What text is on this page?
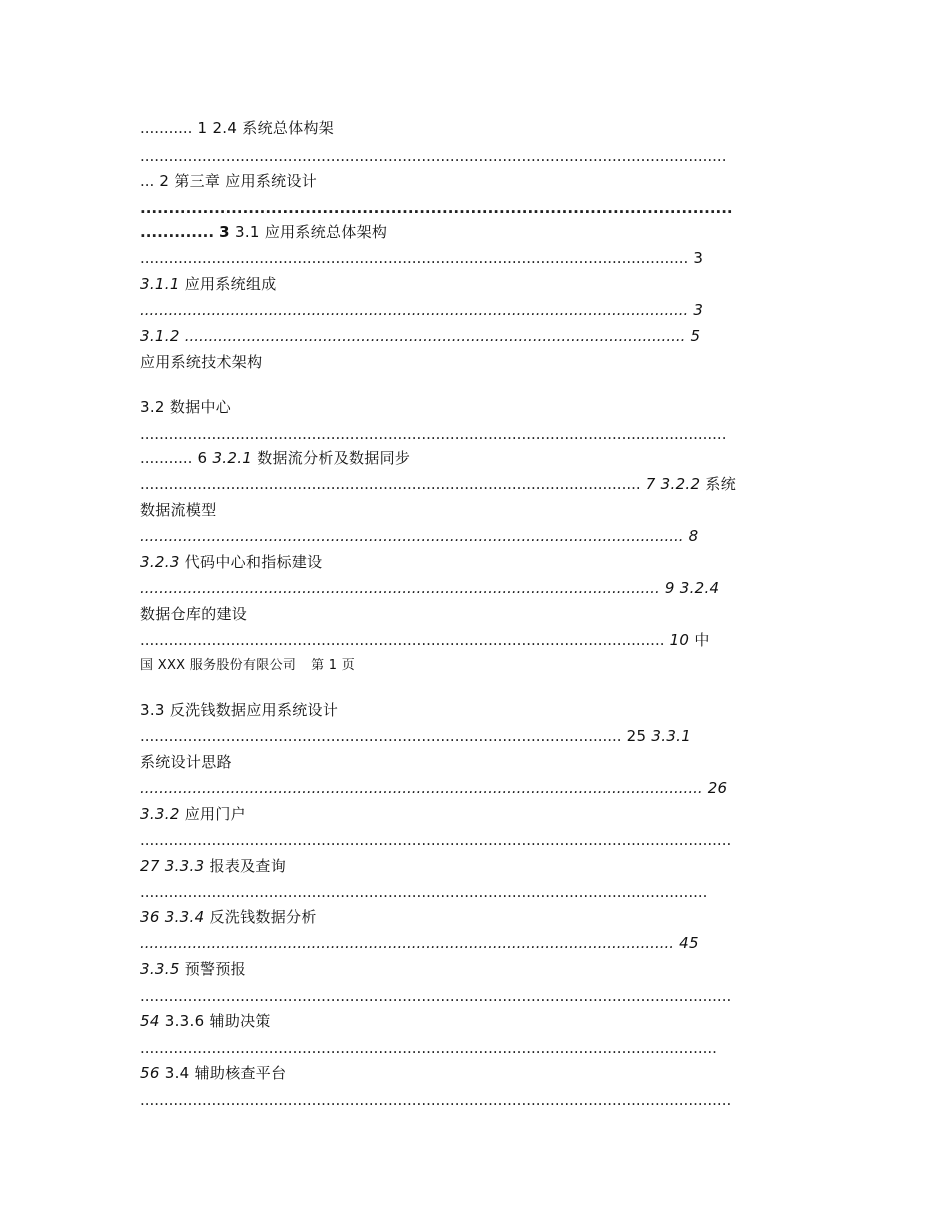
........... 1 2.4 系统总体构架
...........................................................................................................................
... 2 第三章 应用系统设计
........................................................................................................
............. 3 3.1 应用系统总体架构
................................................................................................................... 3
3.1.1 应用系统组成
................................................................................................................... 3
3.1.2 ......................................................................................................... 5
应用系统技术架构
3.2 数据中心
...........................................................................................................................
........... 6 3.2.1 数据流分析及数据同步
......................................................................................................... 7 3.2.2 系统
数据流模型
.................................................................................................................. 8
3.2.3 代码中心和指标建设
............................................................................................................. 9 3.2.4
数据仓库的建设
.............................................................................................................. 10 中
国 XXX 服务股份有限公司 第 1 页
3.3 反洗钱数据应用系统设计
..................................................................................................... 25 3.3.1
系统设计思路
...................................................................................................................... 26
3.3.2 应用门户
............................................................................................................................
27 3.3.3 报表及查询
.......................................................................................................................
36 3.3.4 反洗钱数据分析
................................................................................................................ 45
3.3.5 预警预报
............................................................................................................................
54 3.3.6 辅助决策
.........................................................................................................................
56 3.4 辅助核查平台
............................................................................................................................
